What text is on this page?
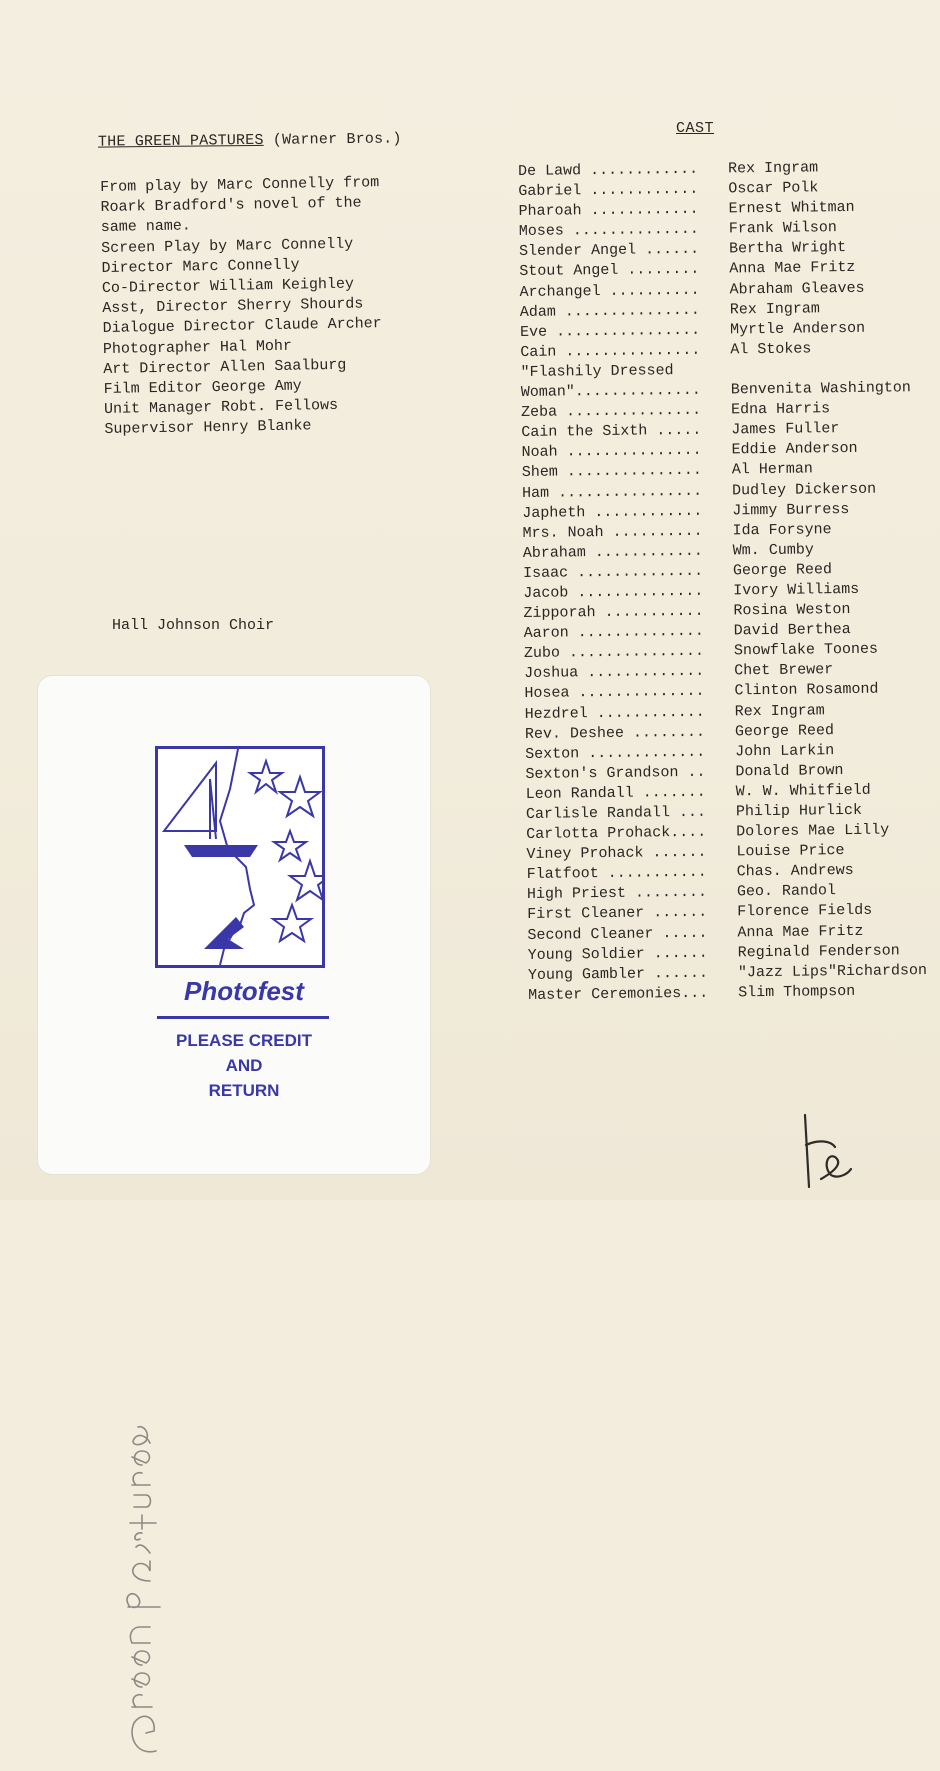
THE GREEN PASTURES (Warner Bros.)
From play by Marc Connelly from
Roark Bradford's novel of the
same name.
Screen Play by Marc Connelly
Director Marc Connelly
Co-Director William Keighley
Asst, Director Sherry Shourds
Dialogue Director Claude Archer
Photographer Hal Mohr
Art Director Allen Saalburg
Film Editor George Amy
Unit Manager Robt. Fellows
Supervisor Henry Blanke
Hall Johnson Choir
CAST
De Lawd ............	Rex Ingram
Gabriel ............	Oscar Polk
Pharoah ............	Ernest Whitman
Moses ..............	Frank Wilson
Slender Angel ......	Bertha Wright
Stout Angel ........	Anna Mae Fritz
Archangel ..........	Abraham Gleaves
Adam ...............	Rex Ingram
Eve ................	Myrtle Anderson
Cain ...............	Al Stokes
"Flashily Dressed
Woman"..............	Benvenita Washington
Zeba ...............	Edna Harris
Cain the Sixth .....	James Fuller
Noah ...............	Eddie Anderson
Shem ...............	Al Herman
Ham ................	Dudley Dickerson
Japheth ............	Jimmy Burress
Mrs. Noah ..........	Ida Forsyne
Abraham ............	Wm. Cumby
Isaac ..............	George Reed
Jacob ..............	Ivory Williams
Zipporah ...........	Rosina Weston
Aaron ..............	David Berthea
Zubo ...............	Snowflake Toones
Joshua .............	Chet Brewer
Hosea ..............	Clinton Rosamond
Hezdrel ............	Rex Ingram
Rev. Deshee ........	George Reed
Sexton .............	John Larkin
Sexton's Grandson ..	Donald Brown
Leon Randall .......	W. W. Whitfield
Carlisle Randall ...	Philip Hurlick
Carlotta Prohack....	Dolores Mae Lilly
Viney Prohack ......	Louise Price
Flatfoot ...........	Chas. Andrews
High Priest ........	Geo. Randol
First Cleaner ......	Florence Fields
Second Cleaner .....	Anna Mae Fritz
Young Soldier ......	Reginald Fenderson
Young Gambler ......	"Jazz Lips"Richardson
Master Ceremonies...	Slim Thompson
Photofest
PLEASE CREDIT
AND
RETURN
